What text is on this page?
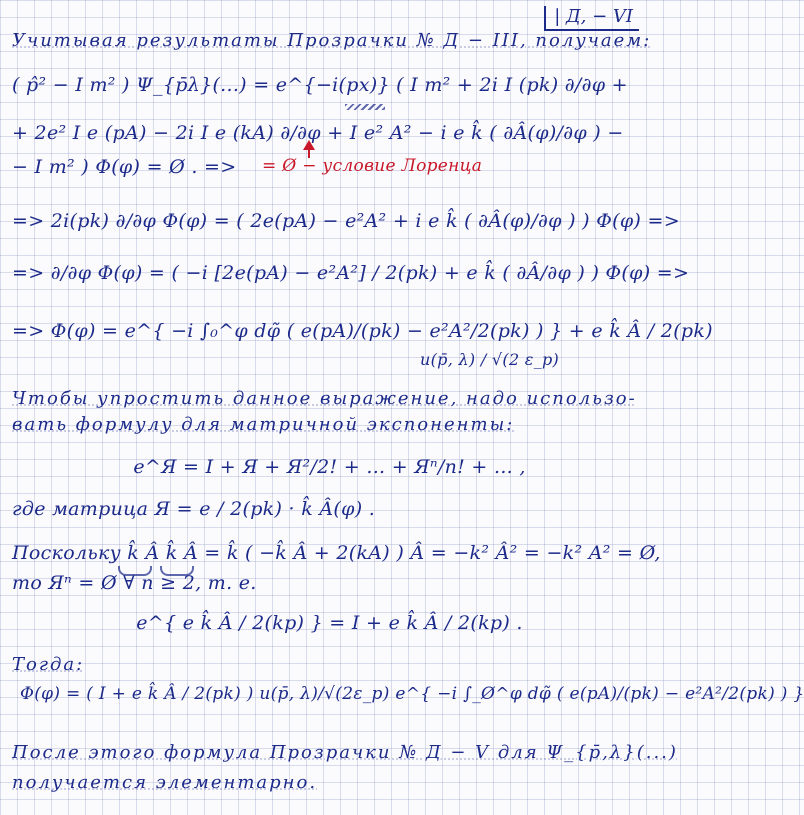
| Д, − VI
Учитывая результаты Прозрачки № Д − III, получаем:
( p̂² − I m² ) Ψ_{p̄λ}(...) = e^{−i(px)} ( I m² + 2i I (pk) ∂/∂φ +
+ 2e² I e (pA) − 2i I e (kA) ∂/∂φ + I e² A² − i e k̂ ( ∂Â(φ)/∂φ ) −
− I m² ) Φ(φ) = Ø . => = Ø − условие Лоренца
=> 2i(pk) ∂/∂φ Φ(φ) = ( 2e(pA) − e²A² + i e k̂ ( ∂Â(φ)/∂φ ) ) Φ(φ) =>
=> ∂/∂φ Φ(φ) = ( −i [2e(pA) − e²A²] / 2(pk) + e k̂ ( ∂Â/∂φ ) ) Φ(φ) =>
=> Φ(φ) = e^{ −i ∫₀^φ dφ̃ ( e(pA)/(pk) − e²A²/2(pk) ) } + e k̂ Â / 2(pk)
u(p̄, λ) / √(2 ε_p)
Чтобы упростить данное выражение, надо использо-
вать формулу для матричной экспоненты:
e^Я = I + Я + Я²/2! + ... + Яⁿ/n! + ... ,
где матрица Я = e / 2(pk) · k̂ Â(φ) .
Поскольку k̂ Â k̂ Â = k̂ ( −k̂ Â + 2(kA) ) Â = −k² Â² = −k² A² = Ø,
то Яⁿ = Ø ∀ n ≥ 2, т. е.
e^{ e k̂ Â / 2(kp) } = I + e k̂ Â / 2(kp) .
Тогда:
Φ(φ) = ( I + e k̂ Â / 2(pk) ) u(p̄, λ)/√(2ε_p) e^{ −i ∫_Ø^φ dφ̃ ( e(pA)/(pk) − e²A²/2(pk) ) }
После этого формула Прозрачки № Д − V для Ψ_{p̄,λ}(...)
получается элементарно.
